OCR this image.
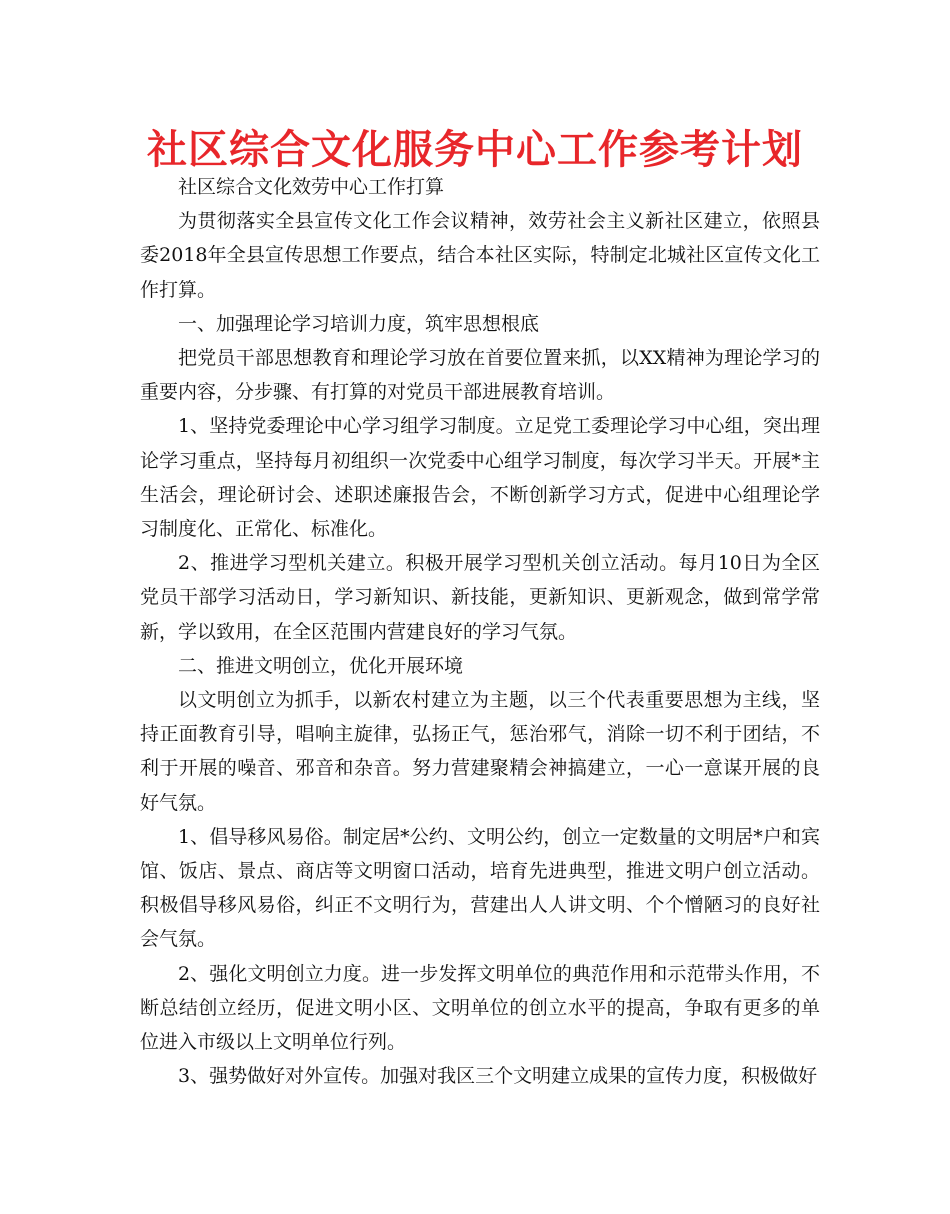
社区综合文化服务中心工作参考计划

社区综合文化效劳中心工作打算

为贯彻落实全县宣传文化工作会议精神，效劳社会主义新社区建立，依照县委2018年全县宣传思想工作要点，结合本社区实际，特制定北城社区宣传文化工作打算。

一、加强理论学习培训力度，筑牢思想根底

把党员干部思想教育和理论学习放在首要位置来抓，以XX精神为理论学习的重要内容，分步骤、有打算的对党员干部进展教育培训。

1、坚持党委理论中心学习组学习制度。立足党工委理论学习中心组，突出理论学习重点，坚持每月初组织一次党委中心组学习制度，每次学习半天。开展*主生活会，理论研讨会、述职述廉报告会，不断创新学习方式，促进中心组理论学习制度化、正常化、标准化。

2、推进学习型机关建立。积极开展学习型机关创立活动。每月10日为全区党员干部学习活动日，学习新知识、新技能，更新知识、更新观念，做到常学常新，学以致用，在全区范围内营建良好的学习气氛。

二、推进文明创立，优化开展环境

以文明创立为抓手，以新农村建立为主题，以三个代表重要思想为主线，坚持正面教育引导，唱响主旋律，弘扬正气，惩治邪气，消除一切不利于团结，不利于开展的噪音、邪音和杂音。努力营建聚精会神搞建立，一心一意谋开展的良好气氛。

1、倡导移风易俗。制定居*公约、文明公约，创立一定数量的文明居*户和宾馆、饭店、景点、商店等文明窗口活动，培育先进典型，推进文明户创立活动。积极倡导移风易俗，纠正不文明行为，营建出人人讲文明、个个憎陋习的良好社会气氛。

2、强化文明创立力度。进一步发挥文明单位的典范作用和示范带头作用，不断总结创立经历，促进文明小区、文明单位的创立水平的提高，争取有更多的单位进入市级以上文明单位行列。

3、强势做好对外宣传。加强对我区三个文明建立成果的宣传力度，积极做好
